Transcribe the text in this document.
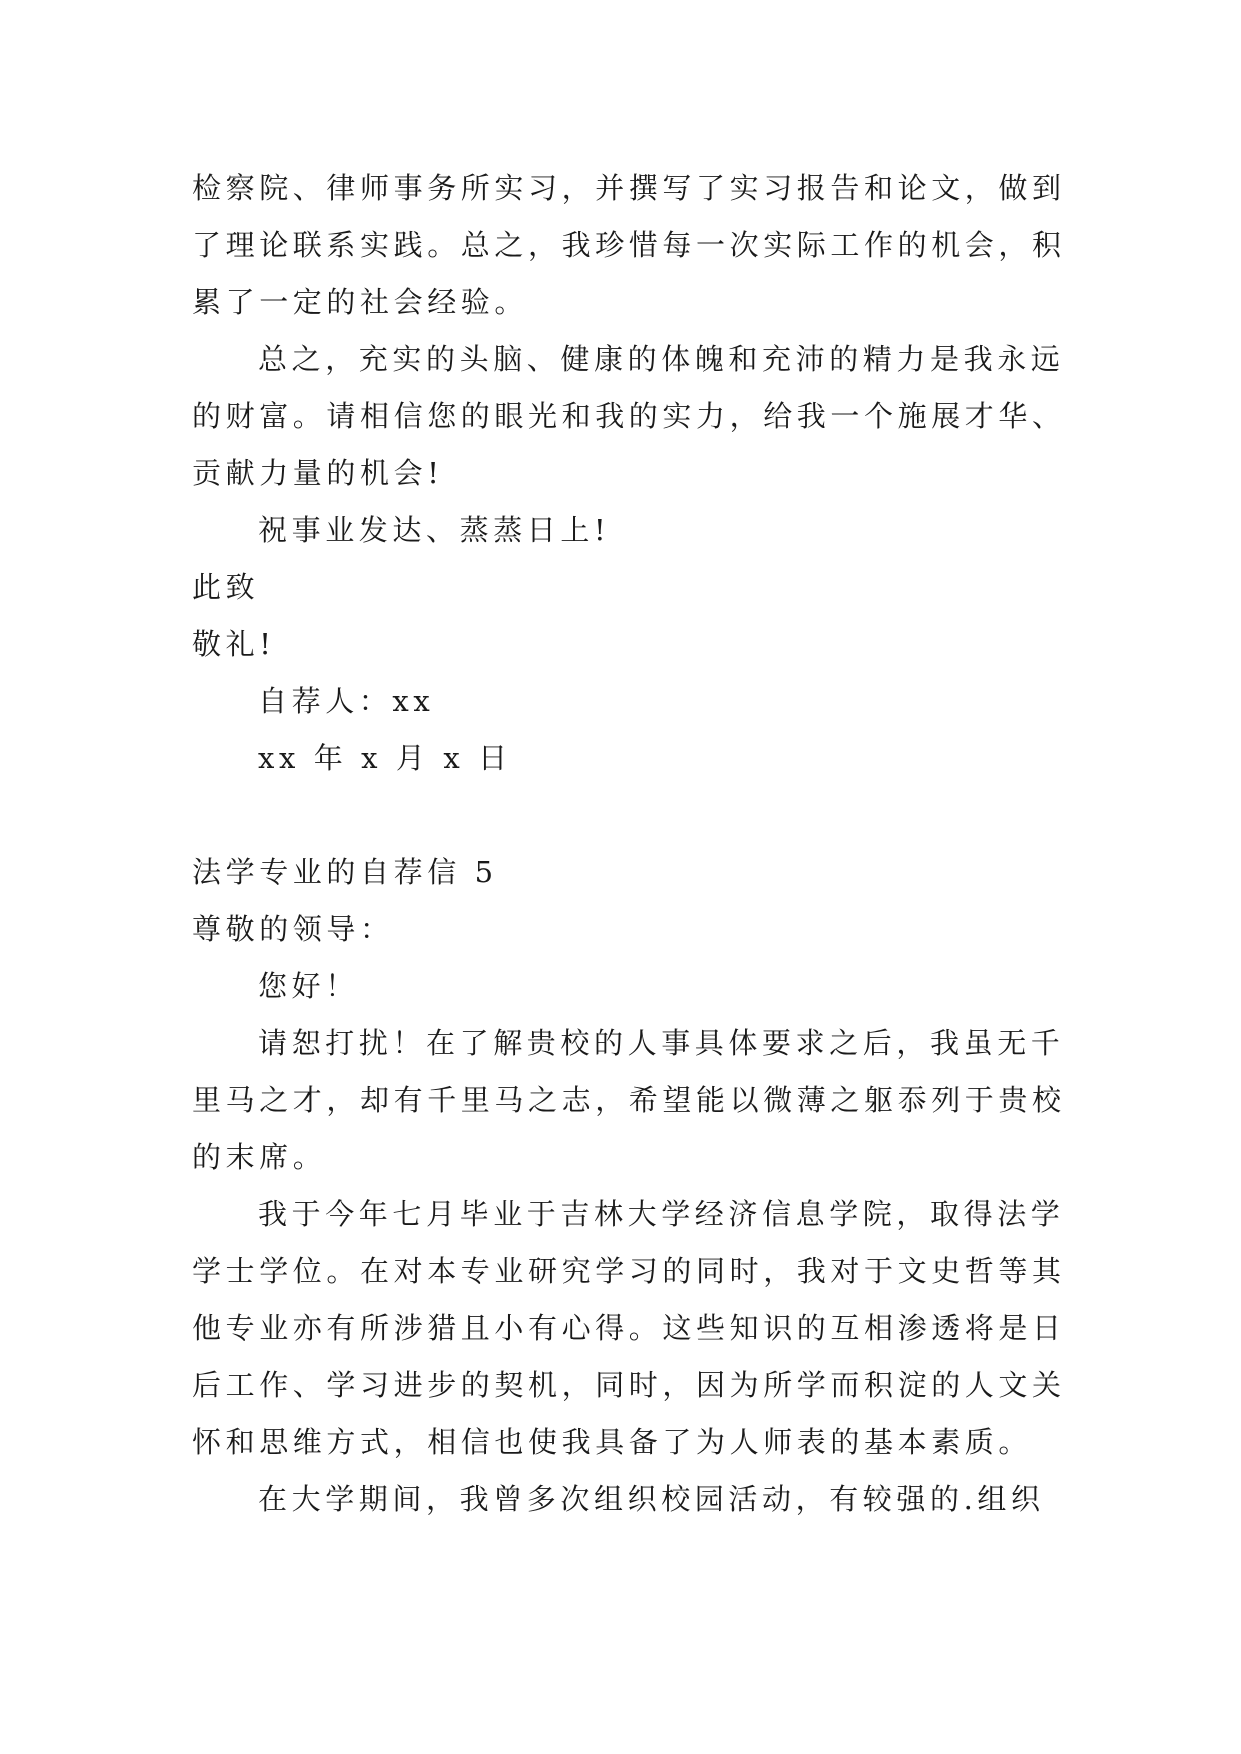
检察院、律师事务所实习，并撰写了实习报告和论文，做到
了理论联系实践。总之，我珍惜每一次实际工作的机会，积
累了一定的社会经验。
总之，充实的头脑、健康的体魄和充沛的精力是我永远
的财富。请相信您的眼光和我的实力，给我一个施展才华、
贡献力量的机会!
祝事业发达、蒸蒸日上!
此致
敬礼!
自荐人：xx
xx 年 x 月 x 日
法学专业的自荐信 5
尊敬的领导：
您好！
请恕打扰！在了解贵校的人事具体要求之后，我虽无千
里马之才，却有千里马之志，希望能以微薄之躯忝列于贵校
的末席。
我于今年七月毕业于吉林大学经济信息学院，取得法学
学士学位。在对本专业研究学习的同时，我对于文史哲等其
他专业亦有所涉猎且小有心得。这些知识的互相渗透将是日
后工作、学习进步的契机，同时，因为所学而积淀的人文关
怀和思维方式，相信也使我具备了为人师表的基本素质。
在大学期间，我曾多次组织校园活动，有较强的.组织
